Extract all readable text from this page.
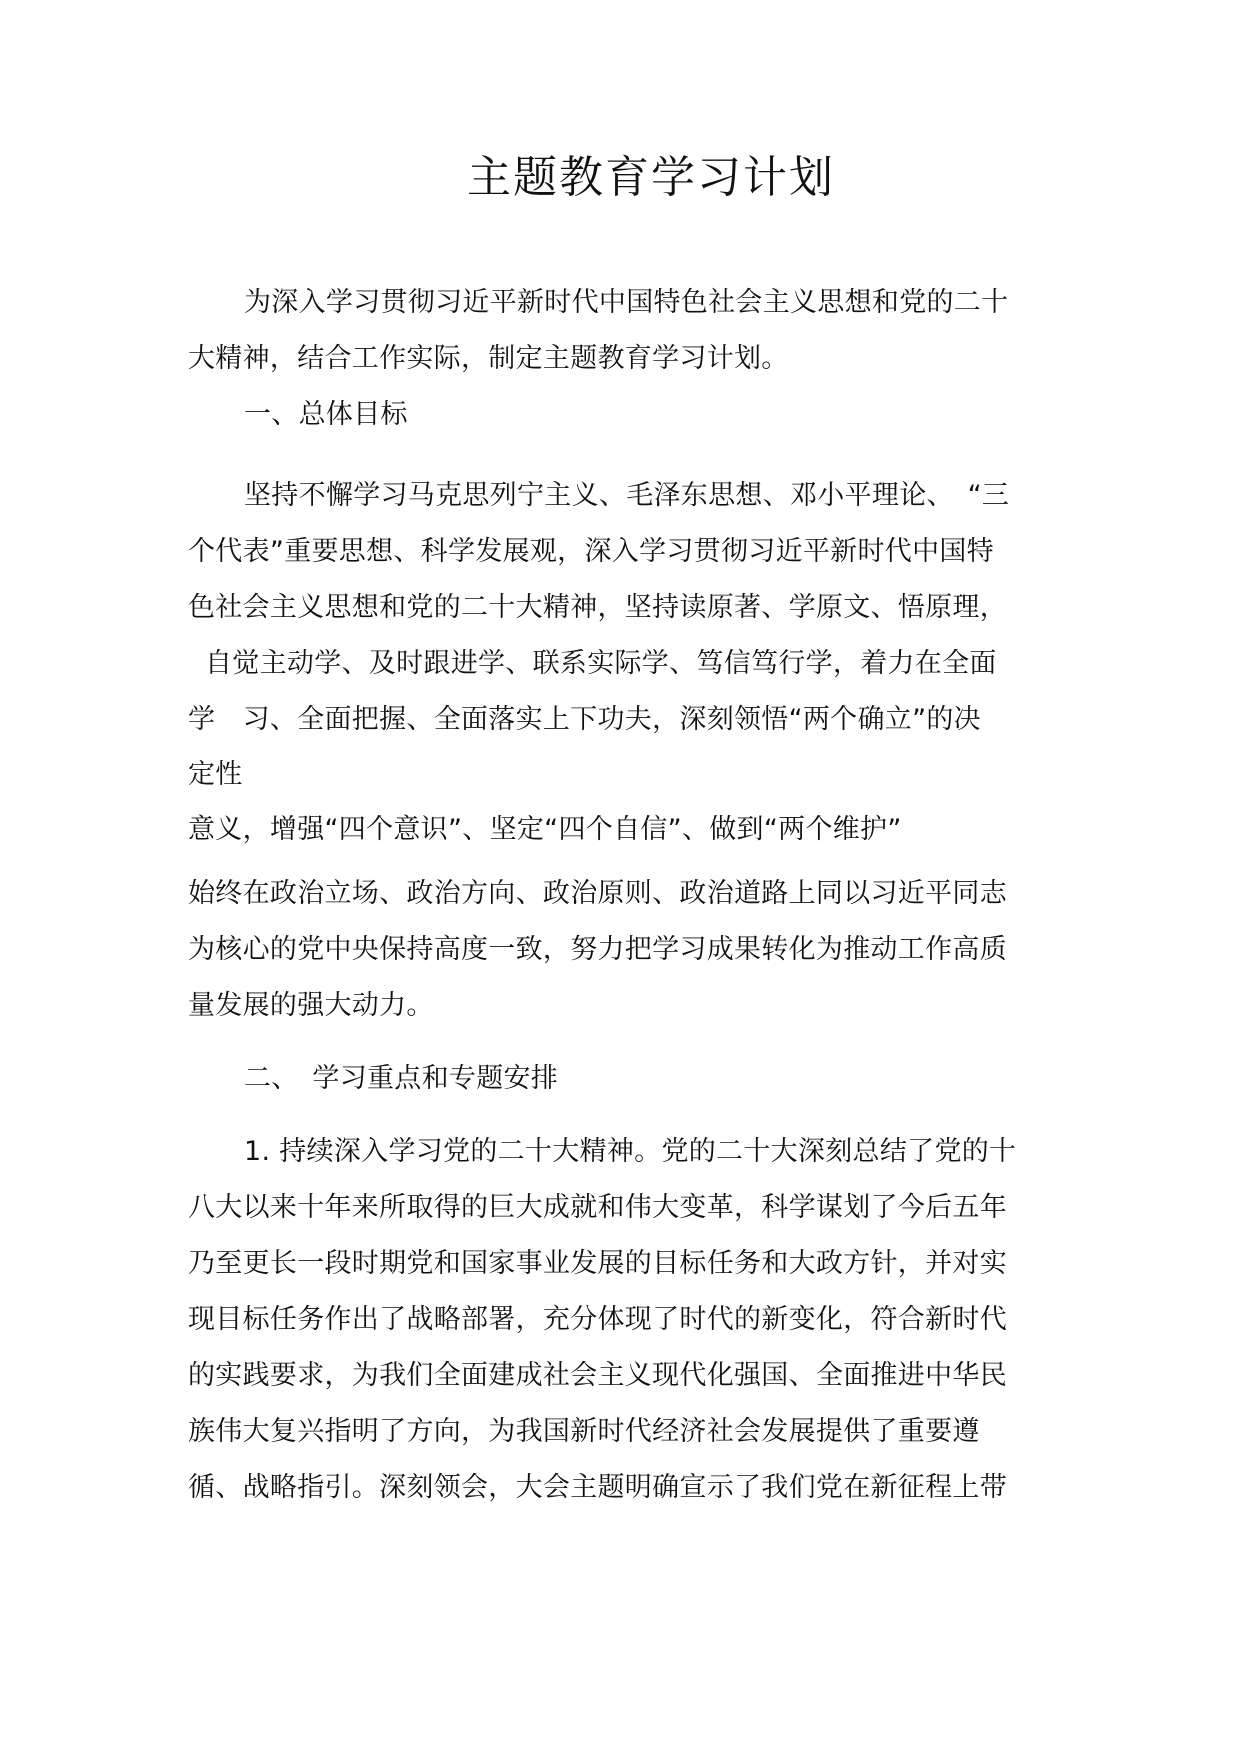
主题教育学习计划
为深入学习贯彻习近平新时代中国特色社会主义思想和党的二十
大精神，结合工作实际，制定主题教育学习计划。
一、总体目标
坚持不懈学习马克思列宁主义、毛泽东思想、邓小平理论、　“三
个代表”重要思想、科学发展观，深入学习贯彻习近平新时代中国特
色社会主义思想和党的二十大精神，坚持读原著、学原文、悟原理，
自觉主动学、及时跟进学、联系实际学、笃信笃行学，着力在全面
学　习、全面把握、全面落实上下功夫，深刻领悟“两个确立”的决
定性
意义，增强“四个意识”、坚定“四个自信”、做到“两个维护”
始终在政治立场、政治方向、政治原则、政治道路上同以习近平同志
为核心的党中央保持高度一致，努力把学习成果转化为推动工作高质
量发展的强大动力。
二、　学习重点和专题安排
1. 持续深入学习党的二十大精神。党的二十大深刻总结了党的十
八大以来十年来所取得的巨大成就和伟大变革，科学谋划了今后五年
乃至更长一段时期党和国家事业发展的目标任务和大政方针，并对实
现目标任务作出了战略部署，充分体现了时代的新变化，符合新时代
的实践要求，为我们全面建成社会主义现代化强国、全面推进中华民
族伟大复兴指明了方向，为我国新时代经济社会发展提供了重要遵
循、战略指引。深刻领会，大会主题明确宣示了我们党在新征程上带
